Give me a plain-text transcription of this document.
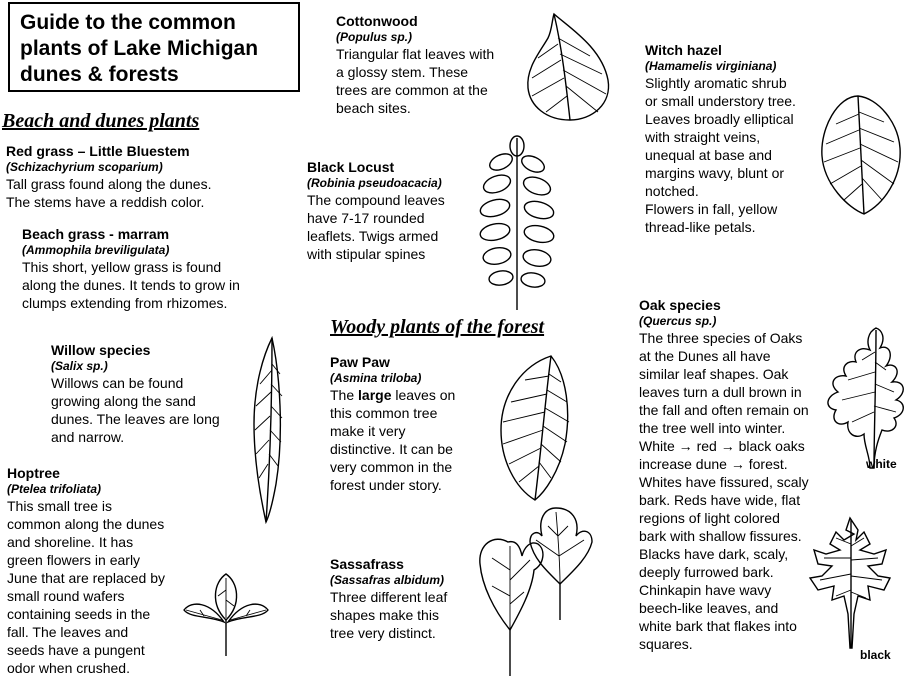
Guide to the common
plants of Lake Michigan
dunes & forests
Beach and dunes plants
Woody plants of the forest
Red grass – Little Bluestem
(Schizachyrium scoparium)
Tall grass found along the dunes.
The stems have a reddish color.
Beach grass - marram
(Ammophila breviligulata)
This short, yellow grass is found
along the dunes. It tends to grow in
clumps extending from rhizomes.
Willow species
(Salix sp.)
Willows can be found
growing along the sand
dunes. The leaves are long
and narrow.
Hoptree
(Ptelea trifoliata)
This small tree is
common along the dunes
and shoreline. It has
green flowers in early
June that are replaced by
small round wafers
containing seeds in the
fall. The leaves and
seeds have a pungent
odor when crushed.
Cottonwood
(Populus sp.)
Triangular flat leaves with
a glossy stem. These
trees are common at the
beach sites.
Black Locust
(Robinia pseudoacacia)
The compound leaves
have 7-17 rounded
leaflets. Twigs armed
with stipular spines
Paw Paw
(Asmina triloba)
The large leaves on
this common tree
make it very
distinctive. It can be
very common in the
forest under story.
Sassafrass
(Sassafras albidum)
Three different leaf
shapes make this
tree very distinct.
Witch hazel
(Hamamelis virginiana)
Slightly aromatic shrub
or small understory tree.
Leaves broadly elliptical
with straight veins,
unequal at base and
margins wavy, blunt or
notched.
Flowers in fall, yellow
thread-like petals.
Oak species
(Quercus sp.)
The three species of Oaks
at the Dunes all have
similar leaf shapes. Oak
leaves turn a dull brown in
the fall and often remain on
the tree well into winter.
White → red → black oaks
increase dune → forest.
Whites have fissured, scaly
bark. Reds have wide, flat
regions of light colored
bark with shallow fissures.
Blacks have dark, scaly,
deeply furrowed bark.
Chinkapin have wavy
beech-like leaves, and
white bark that flakes into
squares.
white
black
